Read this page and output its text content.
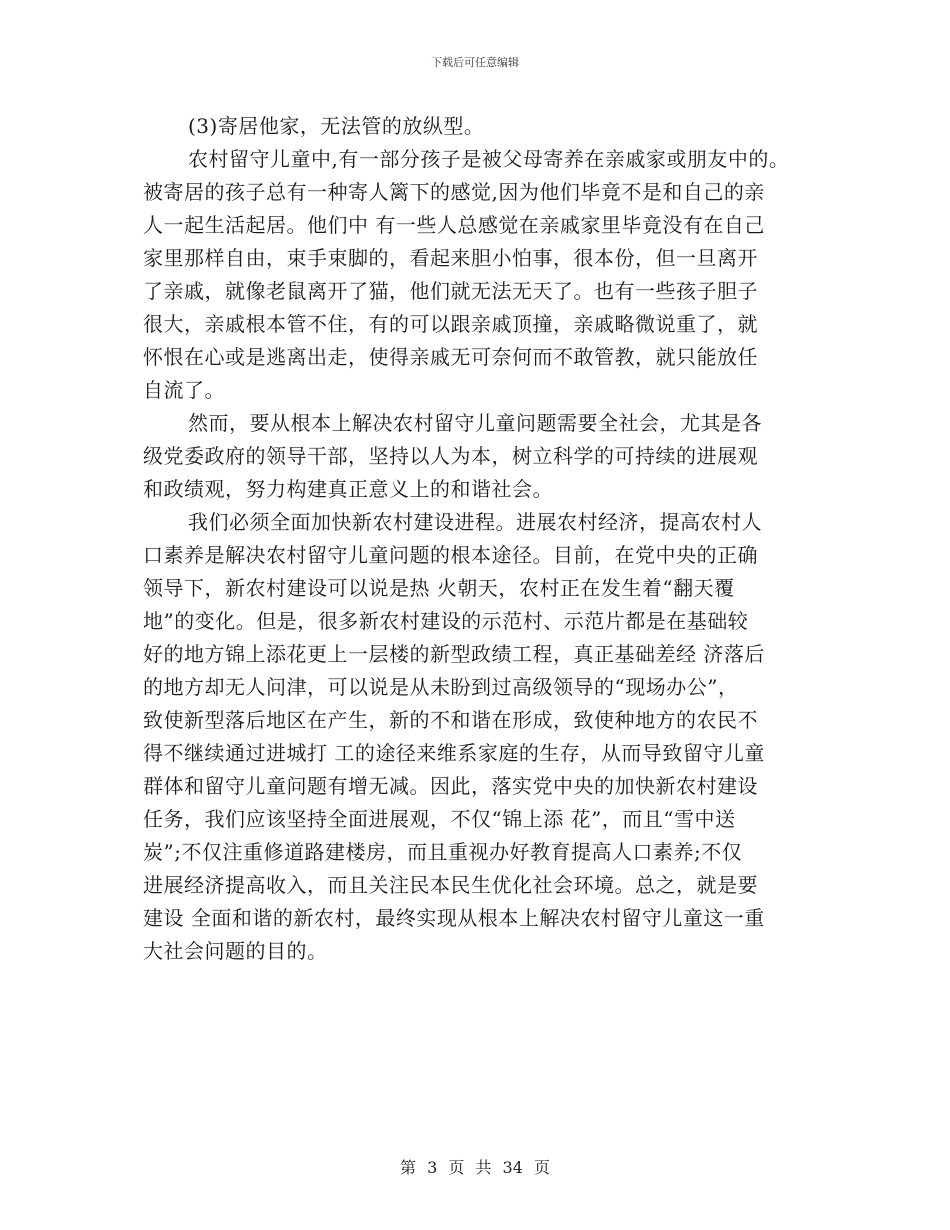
下载后可任意编辑
(3)寄居他家，无法管的放纵型。
农村留守儿童中,有一部分孩子是被父母寄养在亲戚家或朋友中的。
被寄居的孩子总有一种寄人篱下的感觉,因为他们毕竟不是和自己的亲
人一起生活起居。他们中 有一些人总感觉在亲戚家里毕竟没有在自己
家里那样自由，束手束脚的，看起来胆小怕事，很本份，但一旦离开
了亲戚，就像老鼠离开了猫，他们就无法无天了。也有一些孩子胆子
很大，亲戚根本管不住，有的可以跟亲戚顶撞，亲戚略微说重了，就
怀恨在心或是逃离出走，使得亲戚无可奈何而不敢管教，就只能放任
自流了。
然而，要从根本上解决农村留守儿童问题需要全社会，尤其是各
级党委政府的领导干部，坚持以人为本，树立科学的可持续的进展观
和政绩观，努力构建真正意义上的和谐社会。
我们必须全面加快新农村建设进程。进展农村经济，提高农村人
口素养是解决农村留守儿童问题的根本途径。目前，在党中央的正确
领导下，新农村建设可以说是热 火朝天，农村正在发生着“翻天覆
地”的变化。但是，很多新农村建设的示范村、示范片都是在基础较
好的地方锦上添花更上一层楼的新型政绩工程，真正基础差经 济落后
的地方却无人问津，可以说是从未盼到过高级领导的“现场办公”，
致使新型落后地区在产生，新的不和谐在形成，致使种地方的农民不
得不继续通过进城打 工的途径来维系家庭的生存，从而导致留守儿童
群体和留守儿童问题有增无减。因此，落实党中央的加快新农村建设
任务，我们应该坚持全面进展观，不仅“锦上添 花”，而且“雪中送
炭”;不仅注重修道路建楼房，而且重视办好教育提高人口素养;不仅
进展经济提高收入，而且关注民本民生优化社会环境。总之，就是要
建设 全面和谐的新农村，最终实现从根本上解决农村留守儿童这一重
大社会问题的目的。
第 3 页 共 34 页
